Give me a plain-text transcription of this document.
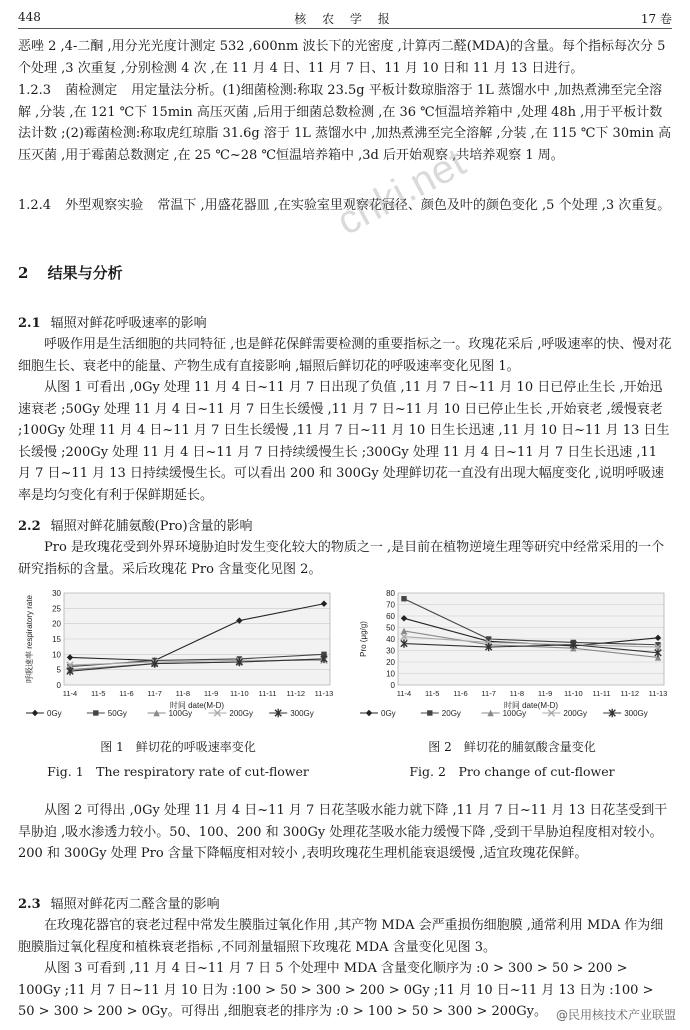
448	核 农 学 报	17 卷

恶唑 2 ,4-二酮 ,用分光光度计测定 532 ,600nm 波长下的光密度 ,计算丙二醛(MDA)的含量。每个指标每次分 5 个处理 ,3 次重复 ,分别检测 4 次 ,在 11 月 4 日、11 月 7 日、11 月 10 日和 11 月 13 日进行。

1.2.3 菌检测定 用定量法分析。(1)细菌检测:称取 23.5g 平板计数琼脂溶于 1L 蒸馏水中 ,加热煮沸至完全溶解 ,分装 ,在 121 ℃下 15min 高压灭菌 ,后用于细菌总数检测 ,在 36 ℃恒温培养箱中 ,处理 48h ,用于平板计数法计数 ;(2)霉菌检测:称取虎红琼脂 31.6g 溶于 1L 蒸馏水中 ,加热煮沸至完全溶解 ,分装 ,在 115 ℃下 30min 高压灭菌 ,用于霉菌总数测定 ,在 25 ℃~28 ℃恒温培养箱中 ,3d 后开始观察 ,共培养观察 1 周。

1.2.4 外型观察实验 常温下 ,用盛花器皿 ,在实验室里观察花冠径、颜色及叶的颜色变化 ,5 个处理 ,3 次重复。

2 结果与分析
2.1 辐照对鲜花呼吸速率的影响

呼吸作用是生活细胞的共同特征 ,也是鲜花保鲜需要检测的重要指标之一。玫瑰花采后 ,呼吸速率的快、慢对花细胞生长、衰老中的能量、产物生成有直接影响 ,辐照后鲜切花的呼吸速率变化见图 1。

从图 1 可看出 ,0Gy 处理 11 月 4 日~11 月 7 日出现了负值 ,11 月 7 日~11 月 10 日已停止生长 ,开始迅速衰老 ;50Gy 处理 11 月 4 日~11 月 7 日生长缓慢 ,11 月 7 日~11 月 10 日已停止生长 ,开始衰老 ,缓慢衰老 ;100Gy 处理 11 月 4 日~11 月 7 日生长缓慢 ,11 月 7 日~11 月 10 日生长迅速 ,11 月 10 日~11 月 13 日生长缓慢 ;200Gy 处理 11 月 4 日~11 月 7 日持续缓慢生长 ;300Gy 处理 11 月 4 日~11 月 7 日生长迅速 ,11 月 7 日~11 月 13 日持续缓慢生长。可以看出 200 和 300Gy 处理鲜切花一直没有出现大幅度变化 ,说明呼吸速率是均匀变化有利于保鲜期延长。

2.2 辐照对鲜花脯氨酸(Pro)含量的影响

Pro 是玫瑰花受到外界环境胁迫时发生变化较大的物质之一 ,是目前在植物逆境生理等研究中经常采用的一个研究指标的含量。采后玫瑰花 Pro 含量变化见图 2。

0
5
10
15
20
25
30
11-4 11-5 11-6 11-7 11-8 11-9 11-10 11-11 11-12 11-13
时间 date(M-D)
呼吸速率 respiratory rate
0Gy	50Gy	100Gy	200Gy	300Gy
图 1　鲜切花的呼吸速率变化
Fig. 1　The respiratory rate of cut-flower
0
10
20
30
40
50
60
70
80
11-4 11-5 11-6 11-7 11-8 11-9 11-10 11-11 11-12 11-13
时间 date(M-D)
Pro (μg/g)
0Gy	20Gy	100Gy	200Gy	300Gy
图 2　鲜切花的脯氨酸含量变化
Fig. 2　Pro change of cut-flower

从图 2 可得出 ,0Gy 处理 11 月 4 日~11 月 7 日花茎吸水能力就下降 ,11 月 7 日~11 月 13 日花茎受到干旱胁迫 ,吸水渗透力较小。50、100、200 和 300Gy 处理花茎吸水能力缓慢下降 ,受到干旱胁迫程度相对较小。200 和 300Gy 处理 Pro 含量下降幅度相对较小 ,表明玫瑰花生理机能衰退缓慢 ,适宜玫瑰花保鲜。

2.3 辐照对鲜花丙二醛含量的影响

在玫瑰花器官的衰老过程中常发生膜脂过氧化作用 ,其产物 MDA 会严重损伤细胞膜 ,通常利用 MDA 作为细胞膜脂过氧化程度和植株衰老指标 ,不同剂量辐照下玫瑰花 MDA 含量变化见图 3。

从图 3 可看到 ,11 月 4 日~11 月 7 日 5 个处理中 MDA 含量变化顺序为 :0 > 300 > 50 > 200 > 100Gy ;11 月 7 日~11 月 10 日为 :100 > 50 > 300 > 200 > 0Gy ;11 月 10 日~11 月 13 日为 :100 > 50 > 300 > 200 > 0Gy。可得出 ,细胞衰老的排序为 :0 > 100 > 50 > 300 > 200Gy。

cnki.net
@民用核技术产业联盟
